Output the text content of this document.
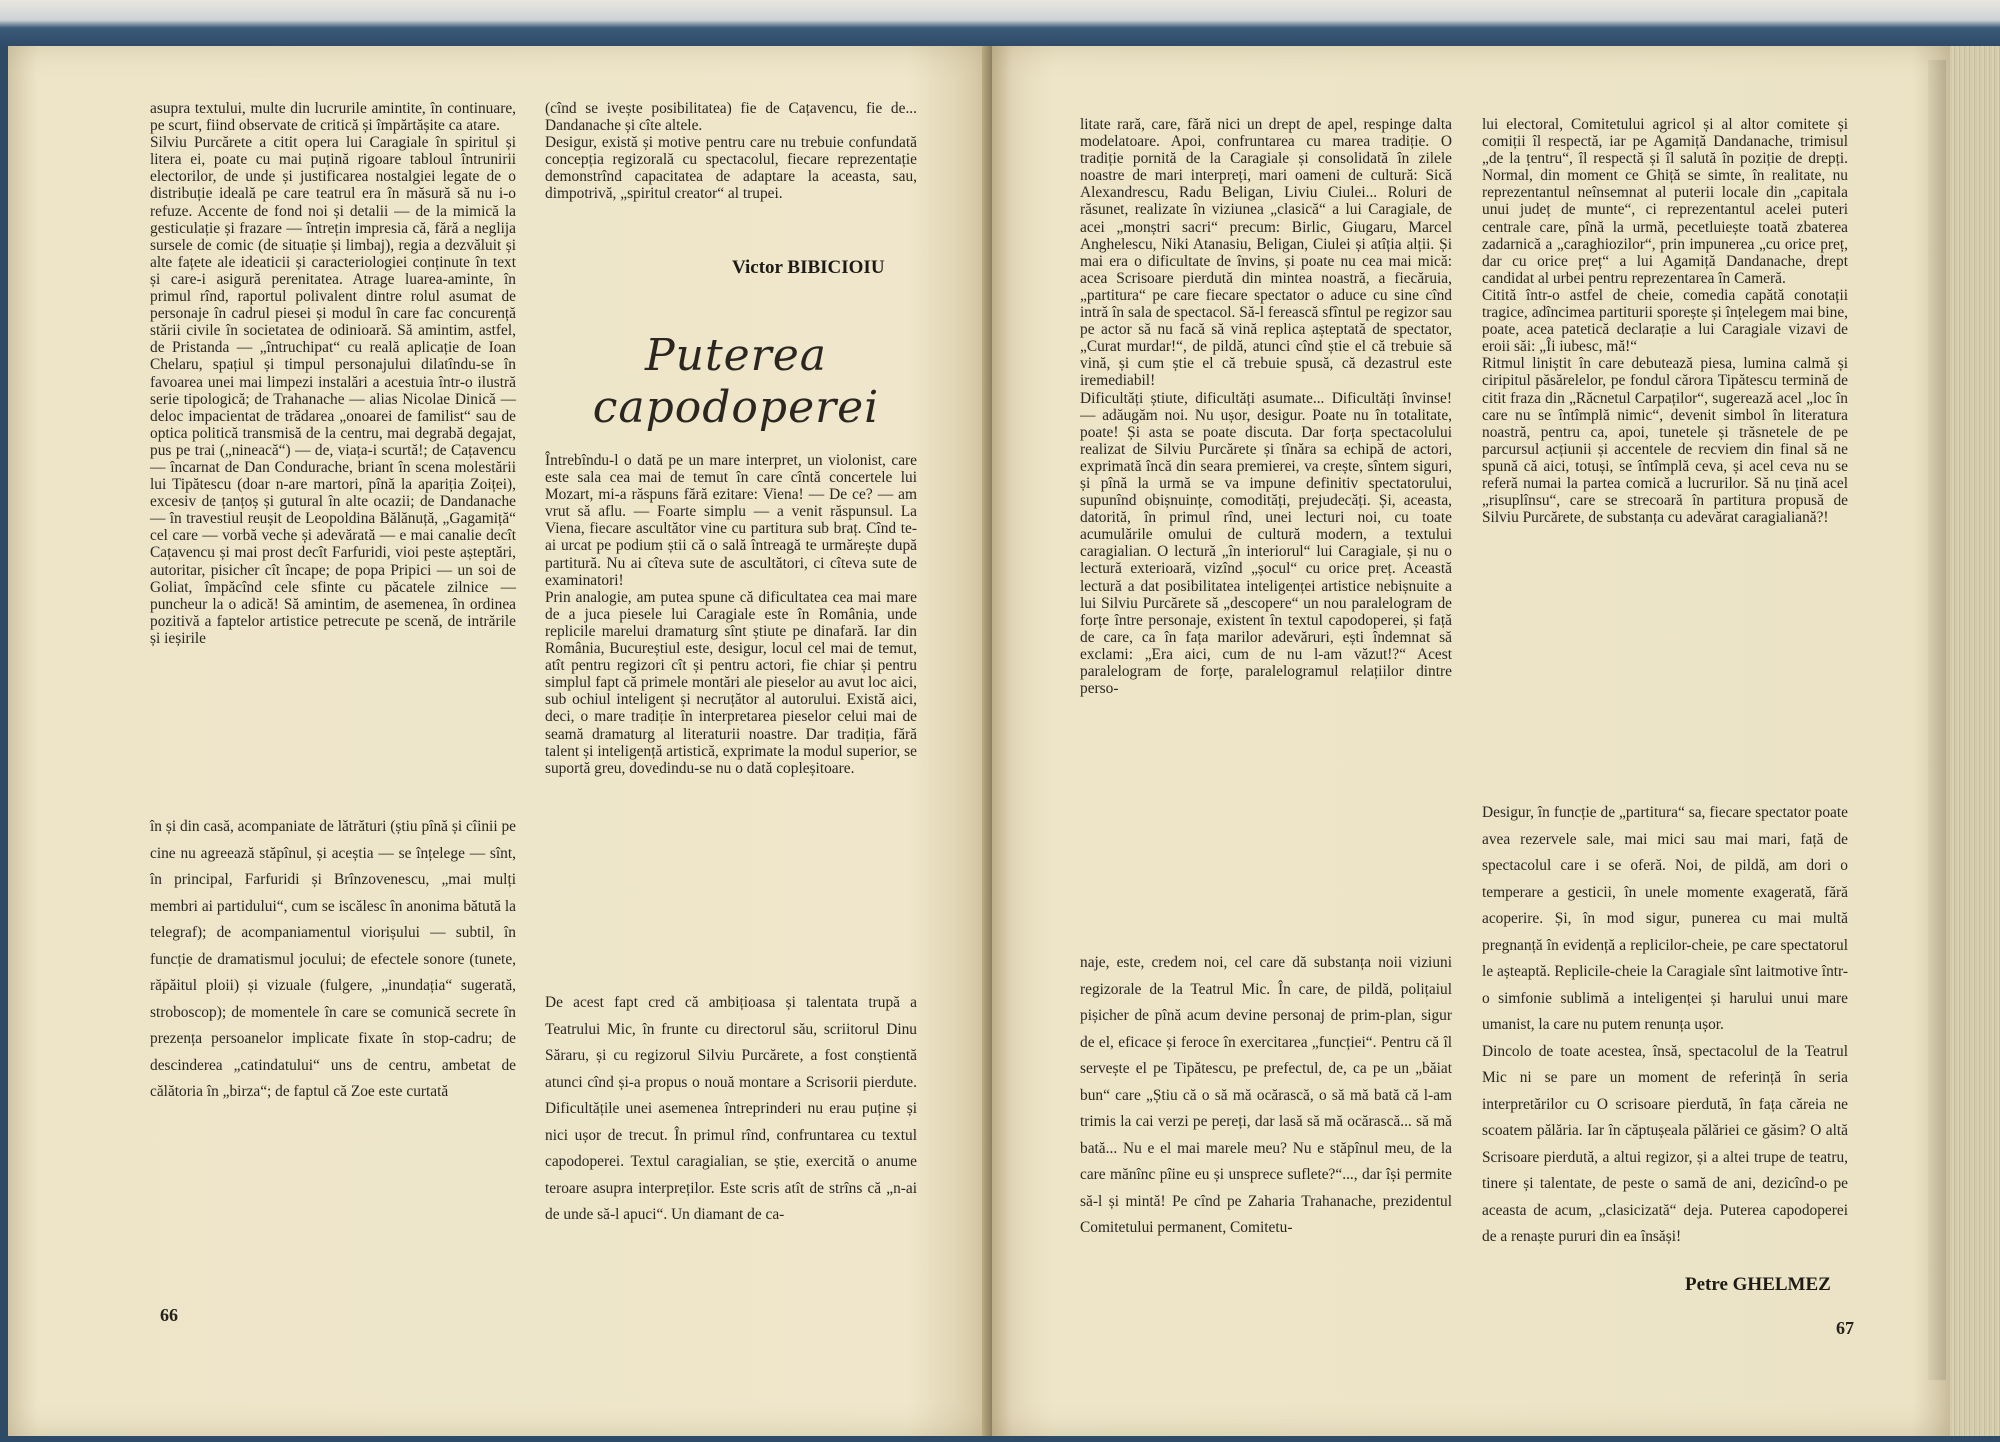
asupra textului, multe din lucrurile amintite, în continuare, pe scurt, fiind observate de critică și împărtășite ca atare.
Silviu Purcărete a citit opera lui Caragiale în spiritul și litera ei, poate cu mai puțină rigoare tabloul întrunirii electorilor, de unde și justificarea nostalgiei legate de o distribuție ideală pe care teatrul era în măsură să nu i-o refuze. Accente de fond noi și detalii — de la mimică la gesticulație și frazare — întrețin impresia că, fără a neglija sursele de comic (de situație și limbaj), regia a dezvăluit și alte fațete ale ideaticii și caracteriologiei conținute în text și care-i asigură perenitatea. Atrage luarea-aminte, în primul rînd, raportul polivalent dintre rolul asumat de personaje în cadrul piesei și modul în care fac concurență stării civile în societatea de odinioară. Să amintim, astfel, de Pristanda — „întruchipat“ cu reală aplicație de Ioan Chelaru, spațiul și timpul personajului dilatîndu-se în favoarea unei mai limpezi instalări a acestuia într-o ilustră serie tipologică; de Trahanache — alias Nicolae Dinică — deloc impacientat de trădarea „onoarei de familist“ sau de optica politică transmisă de la centru, mai degrabă degajat, pus pe trai („nineacă“) — de, viața-i scurtă!; de Cațavencu — încarnat de Dan Condurache, briant în scena molestării lui Tipătescu (doar n-are martori, pînă la apariția Zoiței), excesiv de țanțoș și gutural în alte ocazii; de Dandanache — în travestiul reușit de Leopoldina Bălănuță, „Gagamiță“ cel care — vorbă veche și adevărată — e mai canalie decît Cațavencu și mai prost decît Farfuridi, vioi peste așteptări, autoritar, pisicher cît încape; de popa Pripici — un soi de Goliat, împăcînd cele sfinte cu păcatele zilnice — puncheur la o adică! Să amintim, de asemenea, în ordinea pozitivă a faptelor artistice petrecute pe scenă, de intrările și ieșirile
în și din casă, acompaniate de lătrături (știu pînă și cîinii pe cine nu agreează stăpînul, și aceștia — se înțelege — sînt, în principal, Farfuridi și Brînzovenescu, „mai mulți membri ai partidului“, cum se iscălesc în anonima bătută la telegraf); de acompaniamentul viorișului — subtil, în funcție de dramatismul jocului; de efectele sonore (tunete, răpăitul ploii) și vizuale (fulgere, „inundația“ sugerată, stroboscop); de momentele în care se comunică secrete în prezența persoanelor implicate fixate în stop-cadru; de descinderea „catindatului“ uns de centru, ambetat de călătoria în „birza“; de faptul că Zoe este curtată
(cînd se ivește posibilitatea) fie de Cațavencu, fie de... Dandanache și cîte altele.
Desigur, există și motive pentru care nu trebuie confundată concepția regizorală cu spectacolul, fiecare reprezentație demonstrînd capacitatea de adaptare la aceasta, sau, dimpotrivă, „spiritul creator“ al trupei.
Victor BIBICIOIU
Puterea
capodoperei
Întrebîndu-l o dată pe un mare interpret, un violonist, care este sala cea mai de temut în care cîntă concertele lui Mozart, mi-a răspuns fără ezitare: Viena! — De ce? — am vrut să aflu. — Foarte simplu — a venit răspunsul. La Viena, fiecare ascultător vine cu partitura sub braț. Cînd te-ai urcat pe podium știi că o sală întreagă te urmărește după partitură. Nu ai cîteva sute de ascultători, ci cîteva sute de examinatori!
Prin analogie, am putea spune că dificultatea cea mai mare de a juca piesele lui Caragiale este în România, unde replicile marelui dramaturg sînt știute pe dinafară. Iar din România, Bucureștiul este, desigur, locul cel mai de temut, atît pentru regizori cît și pentru actori, fie chiar și pentru simplul fapt că primele montări ale pieselor au avut loc aici, sub ochiul inteligent și necruțător al autorului. Există aici, deci, o mare tradiție în interpretarea pieselor celui mai de seamă dramaturg al literaturii noastre. Dar tradiția, fără talent și inteligență artistică, exprimate la modul superior, se suportă greu, dovedindu-se nu o dată copleșitoare.
De acest fapt cred că ambițioasa și talentata trupă a Teatrului Mic, în frunte cu directorul său, scriitorul Dinu Săraru, și cu regizorul Silviu Purcărete, a fost conștientă atunci cînd și-a propus o nouă montare a Scrisorii pierdute. Dificultățile unei asemenea întreprinderi nu erau puține și nici ușor de trecut. În primul rînd, confruntarea cu textul capodoperei. Textul caragialian, se știe, exercită o anume teroare asupra interpreților. Este scris atît de strîns că „n-ai de unde să-l apuci“. Un diamant de ca-
66
litate rară, care, fără nici un drept de apel, respinge dalta modelatoare. Apoi, confruntarea cu marea tradiție. O tradiție pornită de la Caragiale și consolidată în zilele noastre de mari interpreți, mari oameni de cultură: Sică Alexandrescu, Radu Beligan, Liviu Ciulei... Roluri de răsunet, realizate în viziunea „clasică“ a lui Caragiale, de acei „monștri sacri“ precum: Birlic, Giugaru, Marcel Anghelescu, Niki Atanasiu, Beligan, Ciulei și atîția alții. Și mai era o dificultate de învins, și poate nu cea mai mică: acea Scrisoare pierdută din mintea noastră, a fiecăruia, „partitura“ pe care fiecare spectator o aduce cu sine cînd intră în sala de spectacol. Să-l ferească sfîntul pe regizor sau pe actor să nu facă să vină replica așteptată de spectator, „Curat murdar!“, de pildă, atunci cînd știe el că trebuie să vină, și cum știe el că trebuie spusă, că dezastrul este iremediabil!
Dificultăți știute, dificultăți asumate... Dificultăți învinse! — adăugăm noi. Nu ușor, desigur. Poate nu în totalitate, poate! Și asta se poate discuta. Dar forța spectacolului realizat de Silviu Purcărete și tînăra sa echipă de actori, exprimată încă din seara premierei, va crește, sîntem siguri, și pînă la urmă se va impune definitiv spectatorului, supunînd obișnuințe, comodități, prejudecăți. Și, aceasta, datorită, în primul rînd, unei lecturi noi, cu toate acumulările omului de cultură modern, a textului caragialian. O lectură „în interiorul“ lui Caragiale, și nu o lectură exterioară, vizînd „șocul“ cu orice preț. Această lectură a dat posibilitatea inteligenței artistice nebișnuite a lui Silviu Purcărete să „descopere“ un nou paralelogram de forțe între personaje, existent în textul capodoperei, și față de care, ca în fața marilor adevăruri, ești îndemnat să exclami: „Era aici, cum de nu l-am văzut!?“ Acest paralelogram de forțe, paralelogramul relațiilor dintre perso-
naje, este, credem noi, cel care dă substanța noii viziuni regizorale de la Teatrul Mic. În care, de pildă, polițaiul pișicher de pînă acum devine personaj de prim-plan, sigur de el, eficace și feroce în exercitarea „funcției“. Pentru că îl servește el pe Tipătescu, pe prefectul, de, ca pe un „băiat bun“ care „Știu că o să mă ocărască, o să mă bată că l-am trimis la cai verzi pe pereți, dar lasă să mă ocărască... să mă bată... Nu e el mai marele meu? Nu e stăpînul meu, de la care mănînc pîine eu și unsprece suflete?“..., dar își permite să-l și mintă! Pe cînd pe Zaharia Trahanache, prezidentul Comitetului permanent, Comitetu-
lui electoral, Comitetului agricol și al altor comitete și comiții îl respectă, iar pe Agamiță Dandanache, trimisul „de la țentru“, îl respectă și îl salută în poziție de drepți. Normal, din moment ce Ghiță se simte, în realitate, nu reprezentantul neînsemnat al puterii locale din „capitala unui județ de munte“, ci reprezentantul acelei puteri centrale care, pînă la urmă, pecetluiește toată zbaterea zadarnică a „caraghiozilor“, prin impunerea „cu orice preț, dar cu orice preț“ a lui Agamiță Dandanache, drept candidat al urbei pentru reprezentarea în Cameră.
Citită într-o astfel de cheie, comedia capătă conotații tragice, adîncimea partiturii sporește și înțelegem mai bine, poate, acea patetică declarație a lui Caragiale vizavi de eroii săi: „Îi iubesc, mă!“
Ritmul liniștit în care debutează piesa, lumina calmă și ciripitul păsărelelor, pe fondul cărora Tipătescu termină de citit fraza din „Răcnetul Carpaților“, sugerează acel „loc în care nu se întîmplă nimic“, devenit simbol în literatura noastră, pentru ca, apoi, tunetele și trăsnetele de pe parcursul acțiunii și accentele de recviem din final să ne spună că aici, totuși, se întîmplă ceva, și acel ceva nu se referă numai la partea comică a lucrurilor. Să nu țină acel „risuplînsu“, care se strecoară în partitura propusă de Silviu Purcărete, de substanța cu adevărat caragialiană?!
Desigur, în funcție de „partitura“ sa, fiecare spectator poate avea rezervele sale, mai mici sau mai mari, față de spectacolul care i se oferă. Noi, de pildă, am dori o temperare a gesticii, în unele momente exagerată, fără acoperire. Și, în mod sigur, punerea cu mai multă pregnanță în evidență a replicilor-cheie, pe care spectatorul le așteaptă. Replicile-cheie la Caragiale sînt laitmotive într-o simfonie sublimă a inteligenței și harului unui mare umanist, la care nu putem renunța ușor.
Dincolo de toate acestea, însă, spectacolul de la Teatrul Mic ni se pare un moment de referință în seria interpretărilor cu O scrisoare pierdută, în fața căreia ne scoatem pălăria. Iar în căptușeala pălăriei ce găsim? O altă Scrisoare pierdută, a altui regizor, și a altei trupe de teatru, tinere și talentate, de peste o samă de ani, dezicînd-o pe aceasta de acum, „clasicizată“ deja. Puterea capodoperei de a renaște pururi din ea însăși!
Petre GHELMEZ
67
